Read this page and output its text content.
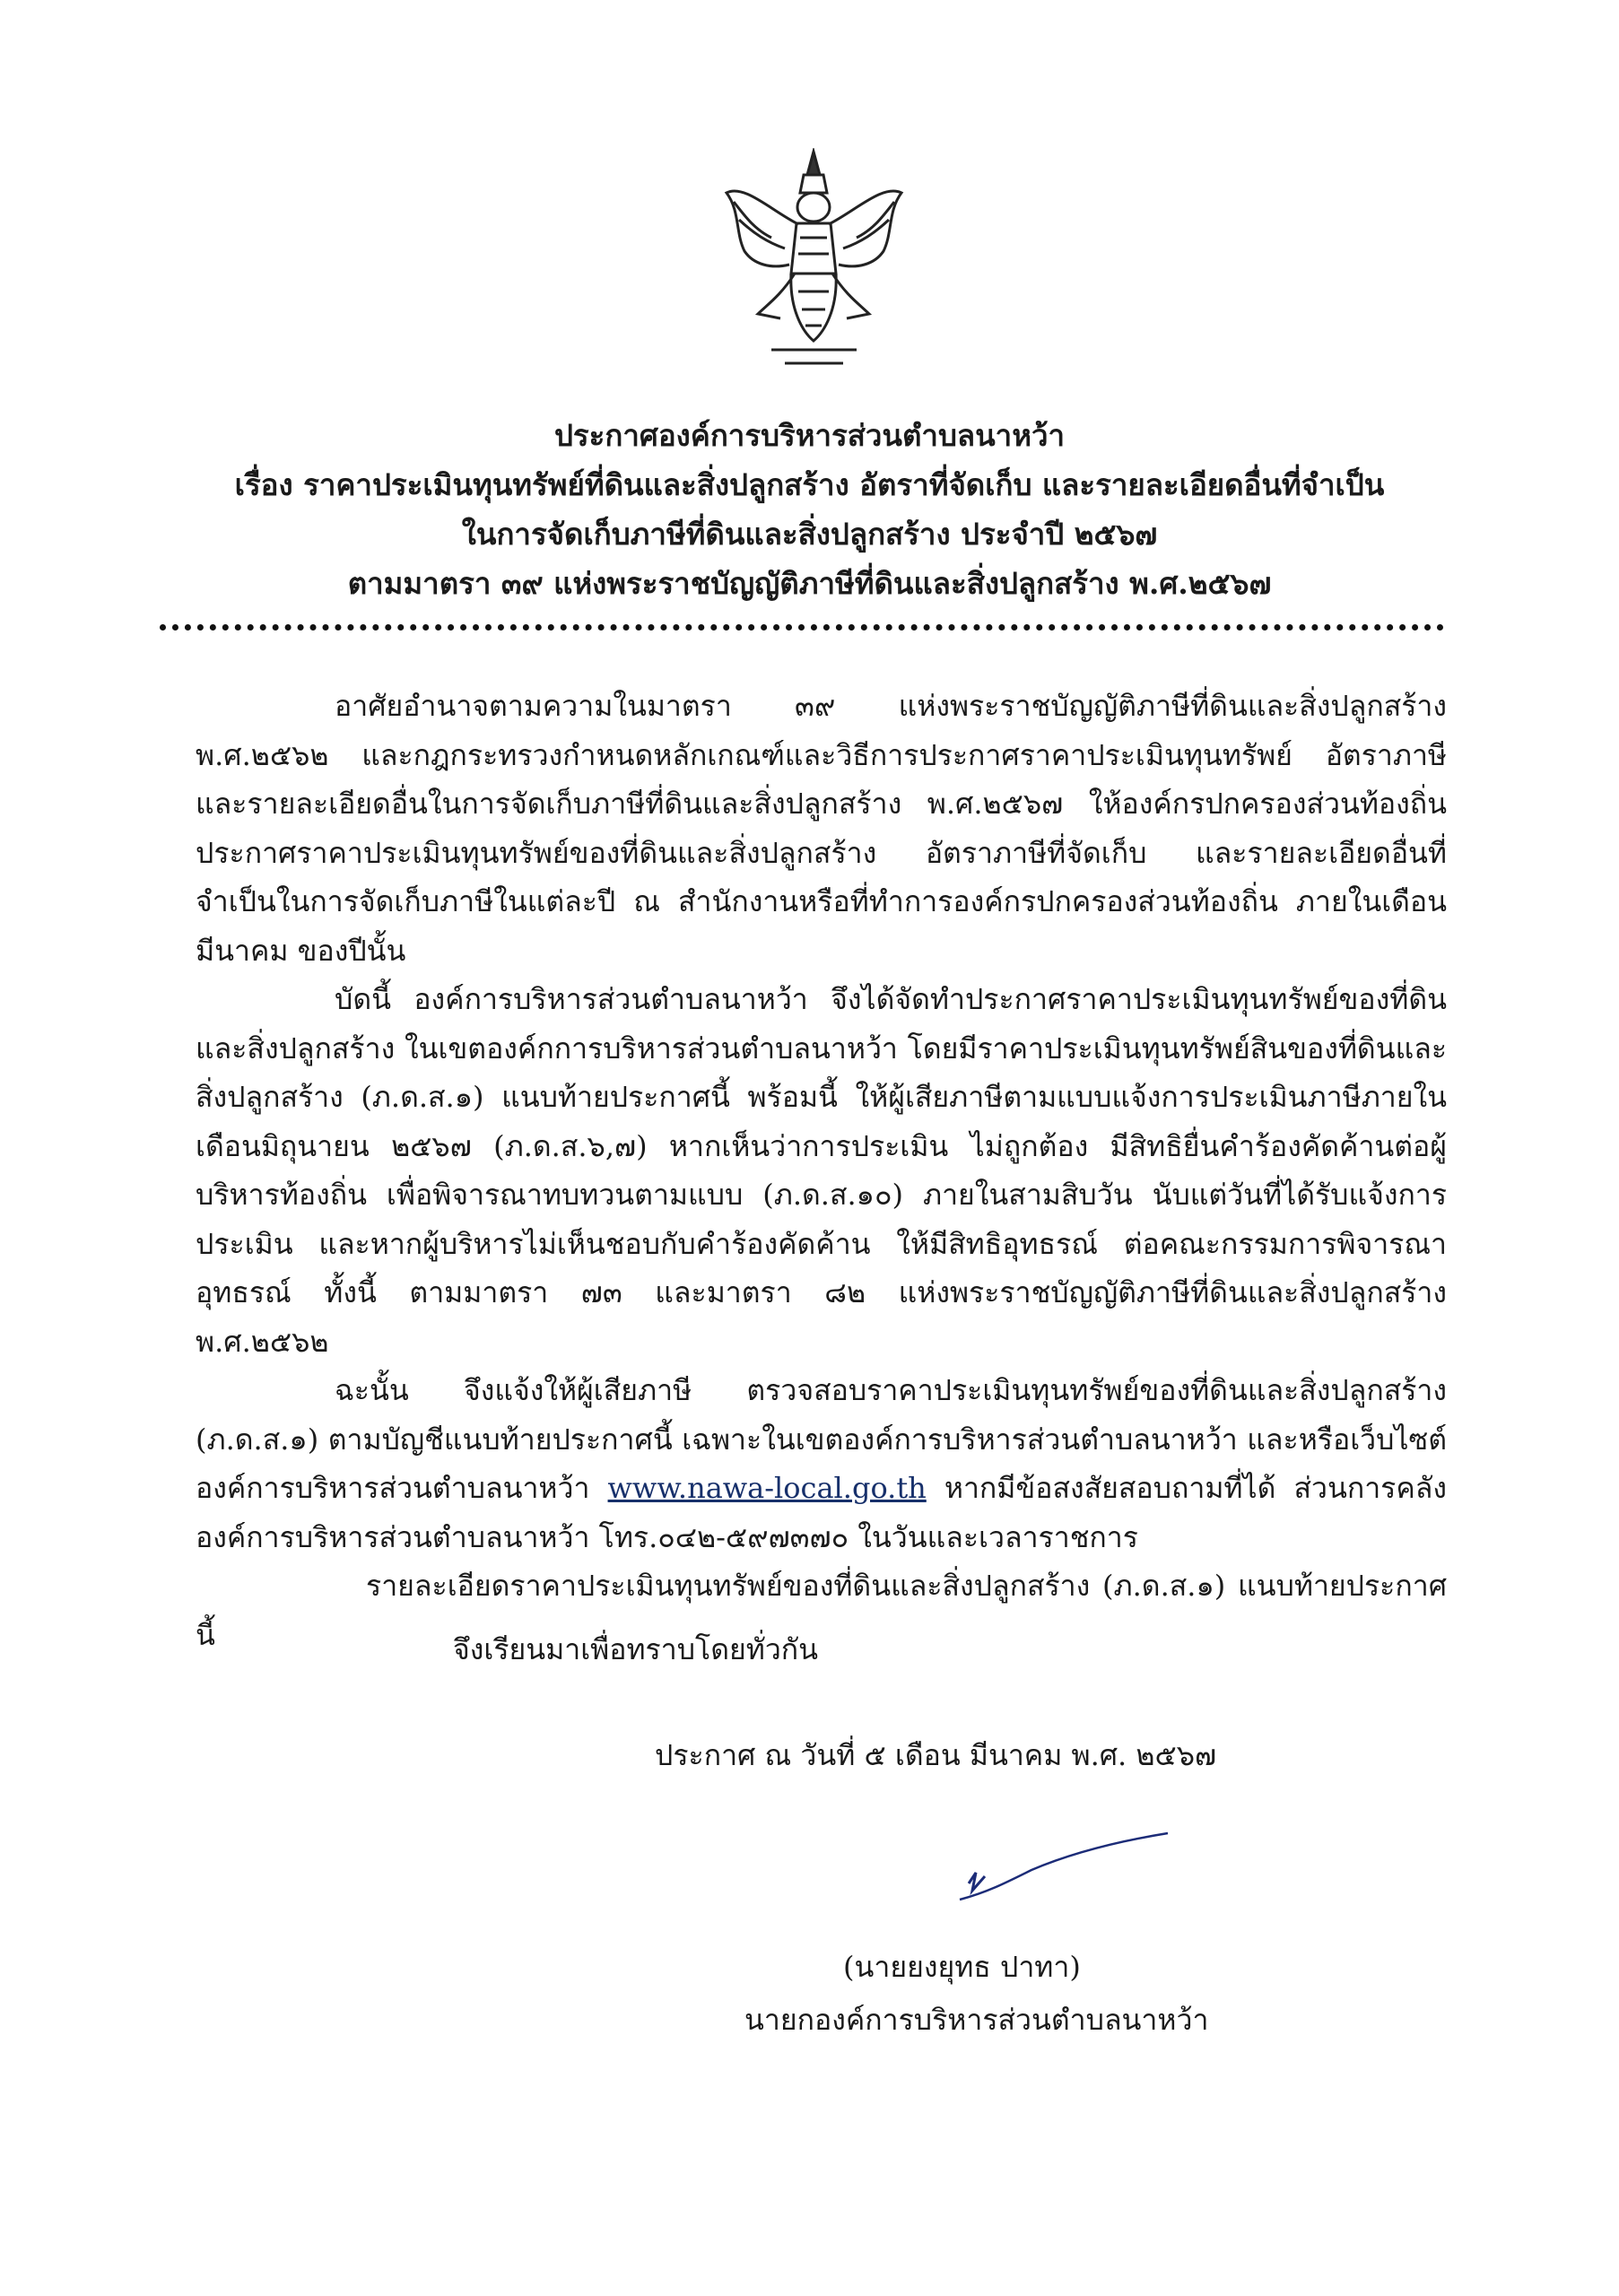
ประกาศองค์การบริหารส่วนตำบลนาหว้า
เรื่อง ราคาประเมินทุนทรัพย์ที่ดินและสิ่งปลูกสร้าง อัตราที่จัดเก็บ และรายละเอียดอื่นที่จำเป็น
ในการจัดเก็บภาษีที่ดินและสิ่งปลูกสร้าง ประจำปี ๒๕๖๗
ตามมาตรา ๓๙ แห่งพระราชบัญญัติภาษีที่ดินและสิ่งปลูกสร้าง พ.ศ.๒๕๖๗

อาศัยอำนาจตามความในมาตรา ๓๙ แห่งพระราชบัญญัติภาษีที่ดินและสิ่งปลูกสร้าง พ.ศ.๒๕๖๒ และกฎกระทรวงกำหนดหลักเกณฑ์และวิธีการประกาศราคาประเมินทุนทรัพย์ อัตราภาษีและรายละเอียดอื่นในการจัดเก็บภาษีที่ดินและสิ่งปลูกสร้าง พ.ศ.๒๕๖๗ ให้องค์กรปกครองส่วนท้องถิ่น ประกาศราคาประเมินทุนทรัพย์ของที่ดินและสิ่งปลูกสร้าง อัตราภาษีที่จัดเก็บ และรายละเอียดอื่นที่จำเป็นในการจัดเก็บภาษีในแต่ละปี ณ สำนักงานหรือที่ทำการองค์กรปกครองส่วนท้องถิ่น ภายในเดือนมีนาคม ของปีนั้น

บัดนี้ องค์การบริหารส่วนตำบลนาหว้า จึงได้จัดทำประกาศราคาประเมินทุนทรัพย์ของที่ดินและสิ่งปลูกสร้าง ในเขตองค์กการบริหารส่วนตำบลนาหว้า โดยมีราคาประเมินทุนทรัพย์สินของที่ดินและสิ่งปลูกสร้าง (ภ.ด.ส.๑) แนบท้ายประกาศนี้ พร้อมนี้ ให้ผู้เสียภาษีตามแบบแจ้งการประเมินภาษีภายในเดือนมิถุนายน ๒๕๖๗ (ภ.ด.ส.๖,๗) หากเห็นว่าการประเมิน ไม่ถูกต้อง มีสิทธิยื่นคำร้องคัดค้านต่อผู้บริหารท้องถิ่น เพื่อพิจารณาทบทวนตามแบบ (ภ.ด.ส.๑๐) ภายในสามสิบวัน นับแต่วันที่ได้รับแจ้งการประเมิน และหากผู้บริหารไม่เห็นชอบกับคำร้องคัดค้าน ให้มีสิทธิอุทธรณ์ ต่อคณะกรรมการพิจารณาอุทธรณ์ ทั้งนี้ ตามมาตรา ๗๓ และมาตรา ๘๒ แห่งพระราชบัญญัติภาษีที่ดินและสิ่งปลูกสร้าง พ.ศ.๒๕๖๒

ฉะนั้น จึงแจ้งให้ผู้เสียภาษี ตรวจสอบราคาประเมินทุนทรัพย์ของที่ดินและสิ่งปลูกสร้าง (ภ.ด.ส.๑) ตามบัญชีแนบท้ายประกาศนี้ เฉพาะในเขตองค์การบริหารส่วนตำบลนาหว้า และหรือเว็บไซต์องค์การบริหารส่วนตำบลนาหว้า www.nawa-local.go.th หากมีข้อสงสัยสอบถามที่ได้ ส่วนการคลัง องค์การบริหารส่วนตำบลนาหว้า โทร.๐๔๒-๕๙๗๓๗๐ ในวันและเวลาราชการ

รายละเอียดราคาประเมินทุนทรัพย์ของที่ดินและสิ่งปลูกสร้าง (ภ.ด.ส.๑) แนบท้ายประกาศนี้	จึงเรียนมาเพื่อทราบโดยทั่วกัน
ประกาศ ณ วันที่ ๕ เดือน มีนาคม พ.ศ. ๒๕๖๗
(นายยงยุทธ ปาทา)
นายกองค์การบริหารส่วนตำบลนาหว้า
